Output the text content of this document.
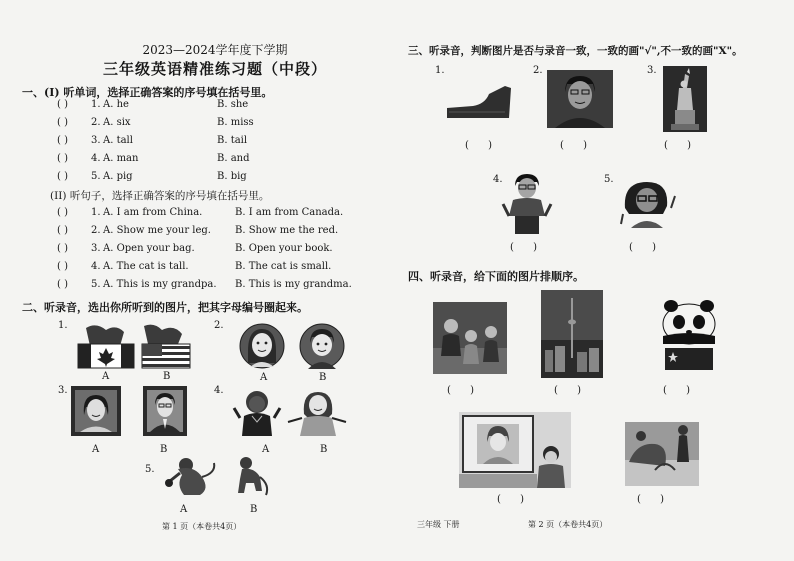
2023—2024学年度下学期
三年级英语精准练习题（中段）
一、(I) 听单词，选择正确答案的序号填在括号里。
( ) 1. A. he	B. she
( ) 2. A. six	B. miss
( ) 3. A. tall	B. tail
( ) 4. A. man	B. and
( ) 5. A. pig	B. big
(II) 听句子，选择正确答案的序号填在括号里。
( ) 1. A. I am from China.	B. I am from Canada.
( ) 2. A. Show me your leg. B. Show me the red.
( ) 3. A. Open your bag.	B. Open your book.
( ) 4. A. The cat is tall.	B. The cat is small.
( ) 5. A. This is my grandpa. B. This is my grandma.
二、听录音，选出你所听到的图片，把其字母编号圈起来。
1.
A	B
2.
A	B
3.
A	B
4.
A	B
5.
A	B
第 1 页（本卷共4页）
三、听录音，判断图片是否与录音一致，一致的画"√",不一致的画"X"。
1.
( )
2.
( )
3.
( )
4.
( )
5.
( )
四、听录音，给下面的图片排顺序。
( )	( )	( )
( )	( )
三年级 下册	第 2 页（本卷共4页）
